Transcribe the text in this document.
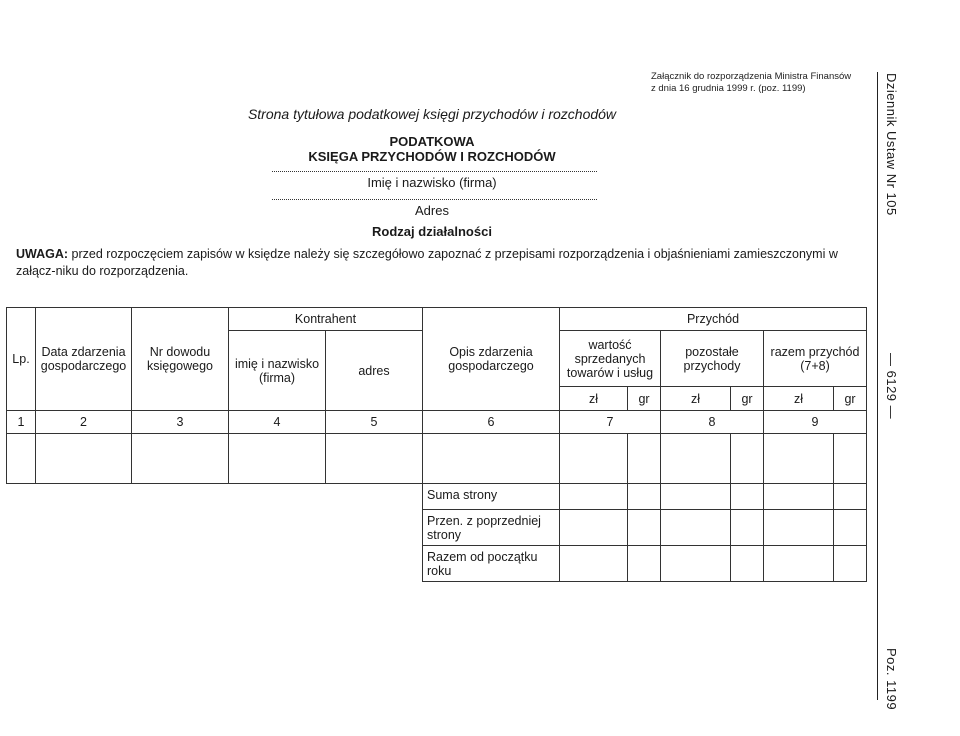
Załącznik do rozporządzenia Ministra Finansów
z dnia 16 grudnia 1999 r. (poz. 1199)
Strona tytułowa podatkowej księgi przychodów i rozchodów
PODATKOWA
KSIĘGA PRZYCHODÓW I ROZCHODÓW
Imię i nazwisko (firma)
Adres
Rodzaj działalności
UWAGA: przed rozpoczęciem zapisów w księdze należy się szczegółowo zapoznać z przepisami rozporządzenia i objaśnieniami zamieszczonymi w załącz-niku do rozporządzenia.
Dziennik Ustaw Nr 105
— 6129 —
Poz. 1199
Lp.	Data zdarzenia gospodarczego	Nr dowodu księgowego	Kontrahent		Opis zdarzenia gospodarczego	Przychód					
			imię i nazwisko (firma)	adres		wartość sprzedanych towarów i usług		pozostałe przychody		razem przychód (7+8)	
						zł	gr	zł	gr	zł	gr
1	2	3	4	5	6	7		8		9	

					Suma strony						
					Przen. z poprzedniej strony						
					Razem od początku roku						
